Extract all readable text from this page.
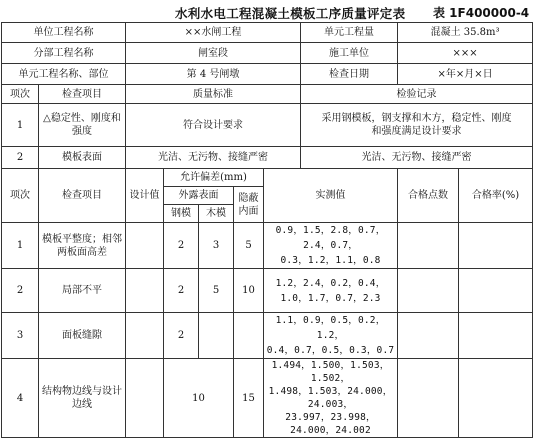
水利水电工程混凝土模板工序质量评定表 表 1F400000-4
单位工程名称		××水闸工程					单元工程量	混凝土 35.8m³	
分部工程名称		闸室段					施工单位	×××	
单元工程名称、部位		第 4 号闸墩					检查日期	×年×月×日	
项次	检查项目	质量标准					检验记录		
1	△稳定性、刚度和强度	符合设计要求					采用钢模板，钢支撑和木方，稳定性、刚度和强度满足设计要求		
2	模板表面	光洁、无污物、接缝严密					光洁、无污物、接缝严密		
项次	检查项目	设计值	允许偏差(mm)			实测值		合格点数	合格率(%)
			外露表面		隐蔽内面				
			钢模	木模					
1	模板平整度；相邻两板面高差		2	3	5	0.9，1.5，2.8，0.7，2.4，0.7，
0.3，1.2，1.1，0.8			

2	局部不平		2	5	10	1.2，2.4，0.2，0.4，
1.0，1.7，0.7，2.3			

3	面板缝隙		2			1.1，0.9，0.5，0.2，1.2，
0.4，0.7，0.5，0.3，0.7			

4	结构物边线与设计边线		10		15	1.494，1.500，1.503，1.502，
1.498，1.503，24.000，24.003，
23.997，23.998，24.000，24.002			
